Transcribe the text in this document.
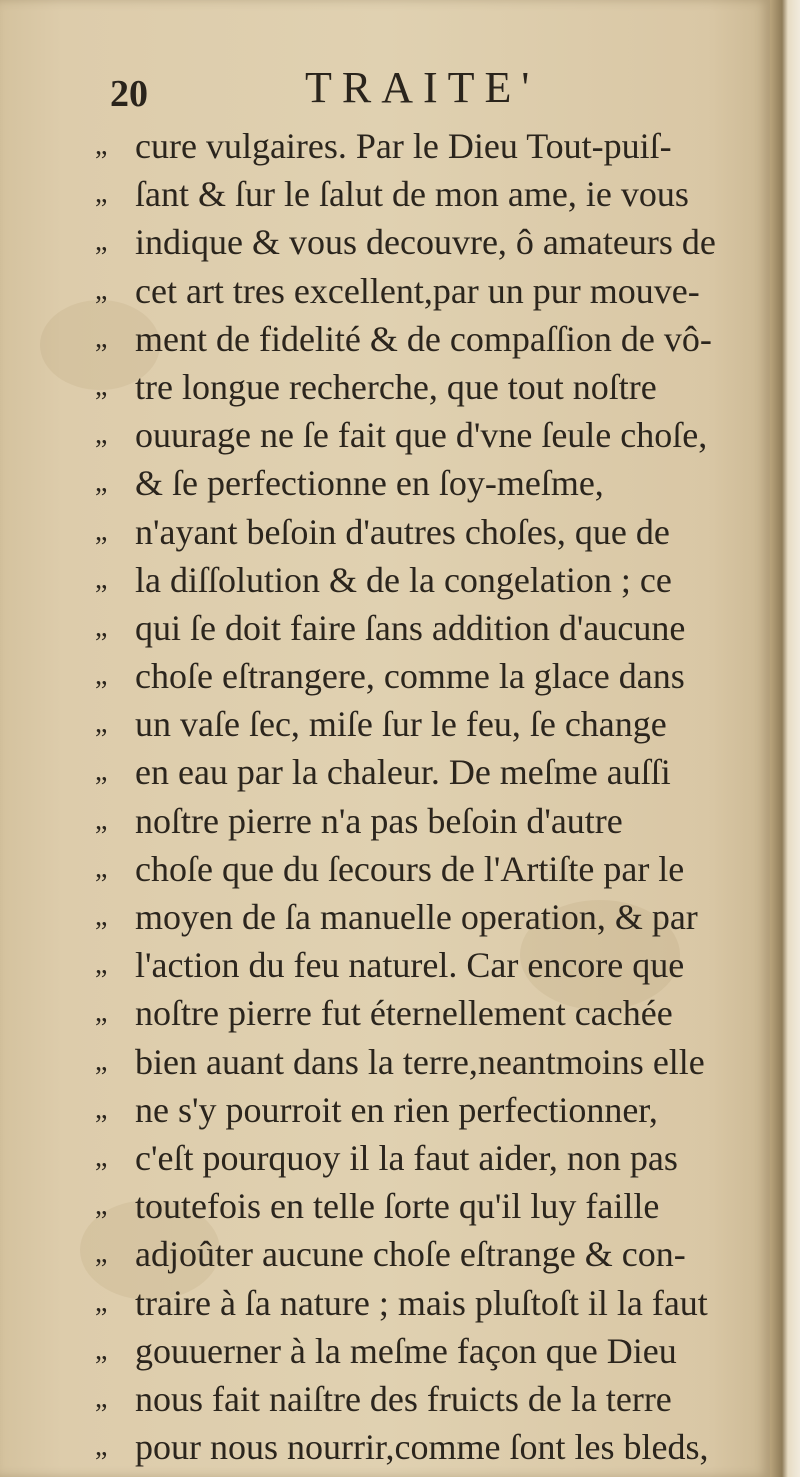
20	TRAITE'
„ cure vulgaires. Par le Dieu Tout-puiſ-
„ ſant & ſur le ſalut de mon ame, ie vous
„ indique & vous decouvre, ô amateurs de
„ cet art tres excellent,par un pur mouve-
„ ment de fidelité & de compaſſion de vô-
„ tre longue recherche, que tout noſtre
„ ouurage ne ſe fait que d'vne ſeule choſe,
„ & ſe perfectionne en ſoy-meſme,
„ n'ayant beſoin d'autres choſes, que de
„ la diſſolution & de la congelation ; ce
„ qui ſe doit faire ſans addition d'aucune
„ choſe eſtrangere, comme la glace dans
„ un vaſe ſec, miſe ſur le feu, ſe change
„ en eau par la chaleur. De meſme auſſi
„ noſtre pierre n'a pas beſoin d'autre
„ choſe que du ſecours de l'Artiſte par le
„ moyen de ſa manuelle operation, & par
„ l'action du feu naturel. Car encore que
„ noſtre pierre fut éternellement cachée
„ bien auant dans la terre,neantmoins elle
„ ne s'y pourroit en rien perfectionner,
„ c'eſt pourquoy il la faut aider, non pas
„ toutefois en telle ſorte qu'il luy faille
„ adjoûter aucune choſe eſtrange & con-
„ traire à ſa nature ; mais pluſtoſt il la faut
„ gouuerner à la meſme façon que Dieu
„ nous fait naiſtre des fruicts de la terre
„ pour nous nourrir,comme ſont les bleds,
